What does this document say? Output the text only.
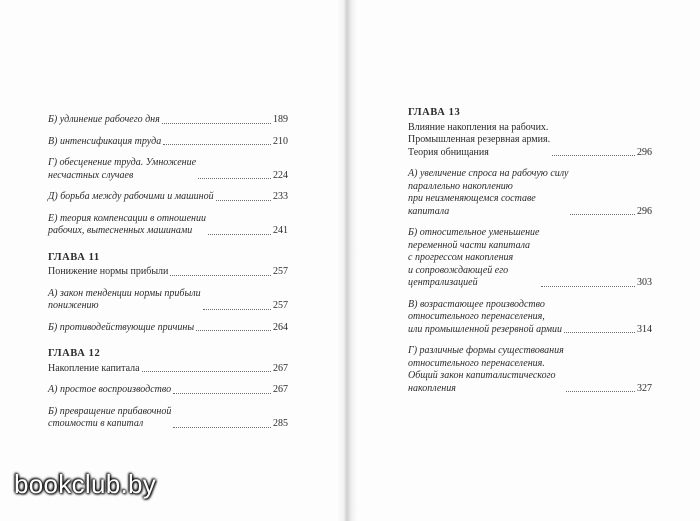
Б) удлинение рабочего дня	189
В) интенсификация труда	210
Г) обесценение труда. Умножение
несчастных случаев	224
Д) борьба между рабочими и машиной	233
Е) теория компенсации в отношении
рабочих, вытесненных машинами	241
ГЛАВА 11
Понижение нормы прибыли	257
А) закон тенденции нормы прибыли
понижению	257
Б) противодействующие причины	264
ГЛАВА 12
Накопление капитала	267
А) простое воспроизводство	267
Б) превращение прибавочной
стоимости в капитал	285
bookclub.by
ГЛАВА 13
Влияние накопления на рабочих.
Промышленная резервная армия.
Теория обнищания	296
А) увеличение спроса на рабочую силу
параллельно накоплению
при неизменяющемся составе
капитала	296
Б) относительное уменьшение
переменной части капитала
с прогрессом накопления
и сопровождающей его
централизацией	303
В) возрастающее производство
относительного перенаселения,
или промышленной резервной армии	314
Г) различные формы существования
относительного перенаселения.
Общий закон капиталистического
накопления	327
